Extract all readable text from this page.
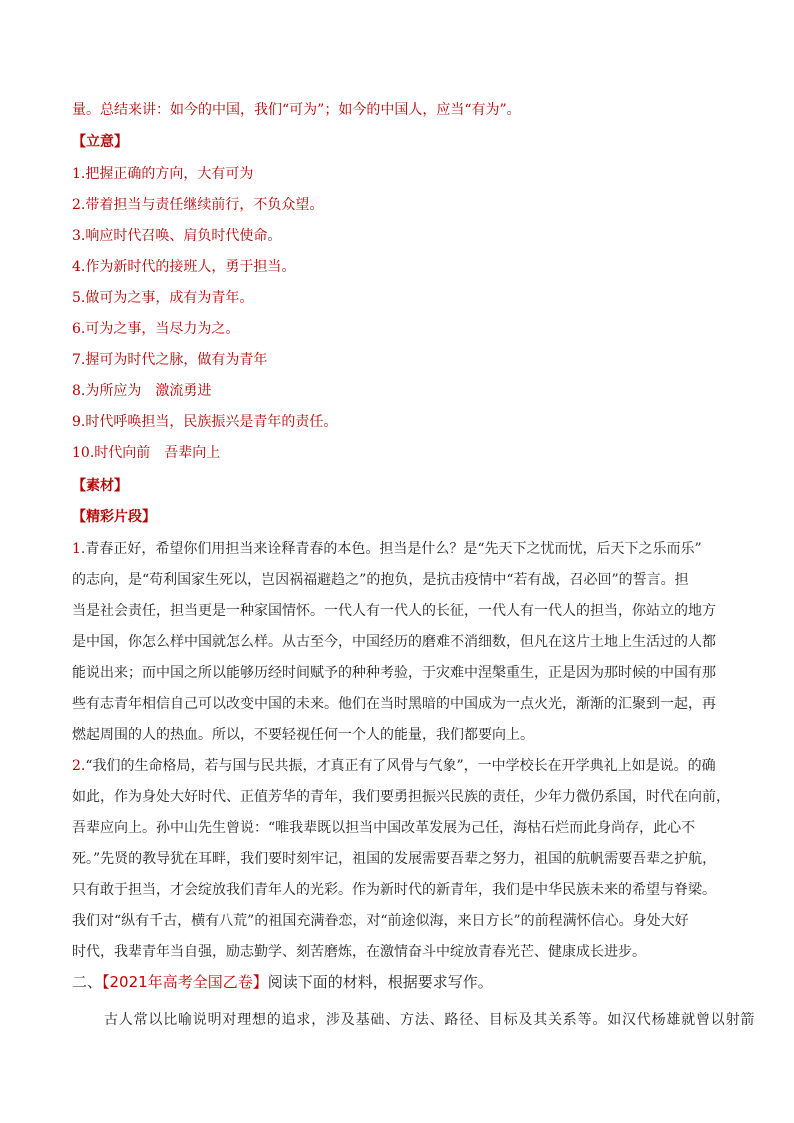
量。总结来讲：如今的中国，我们“可为”；如今的中国人，应当“有为”。
【立意】
1.把握正确的方向，大有可为
2.带着担当与责任继续前行，不负众望。
3.响应时代召唤、肩负时代使命。
4.作为新时代的接班人，勇于担当。
5.做可为之事，成有为青年。
6.可为之事，当尽力为之。
7.握可为时代之脉，做有为青年
8.为所应为　激流勇进
9.时代呼唤担当，民族振兴是青年的责任。
10.时代向前　吾辈向上
【素材】
【精彩片段】
1.青春正好，希望你们用担当来诠释青春的本色。担当是什么？是“先天下之忧而忧，后天下之乐而乐”
的志向，是“苟利国家生死以，岂因祸福避趋之”的抱负，是抗击疫情中“若有战，召必回”的誓言。担
当是社会责任，担当更是一种家国情怀。一代人有一代人的长征，一代人有一代人的担当，你站立的地方
是中国，你怎么样中国就怎么样。从古至今，中国经历的磨难不消细数，但凡在这片土地上生活过的人都
能说出来；而中国之所以能够历经时间赋予的种种考验，于灾难中涅槃重生，正是因为那时候的中国有那
些有志青年相信自己可以改变中国的未来。他们在当时黑暗的中国成为一点火光，渐渐的汇聚到一起，再
燃起周围的人的热血。所以，不要轻视任何一个人的能量，我们都要向上。
2.“我们的生命格局，若与国与民共振，才真正有了风骨与气象”，一中学校长在开学典礼上如是说。的确
如此，作为身处大好时代、正值芳华的青年，我们要勇担振兴民族的责任，少年力微仍系国，时代在向前，
吾辈应向上。孙中山先生曾说：“唯我辈既以担当中国改革发展为己任，海枯石烂而此身尚存，此心不
死。”先贤的教导犹在耳畔，我们要时刻牢记，祖国的发展需要吾辈之努力，祖国的航帆需要吾辈之护航，
只有敢于担当，才会绽放我们青年人的光彩。作为新时代的新青年，我们是中华民族未来的希望与脊梁。
我们对“纵有千古，横有八荒”的祖国充满眷恋，对“前途似海，来日方长”的前程满怀信心。身处大好
时代，我辈青年当自强，励志勤学、刻苦磨炼，在激情奋斗中绽放青春光芒、健康成长进步。
二、【2021年高考全国乙卷】阅读下面的材料，根据要求写作。
古人常以比喻说明对理想的追求，涉及基础、方法、路径、目标及其关系等。如汉代杨雄就曾以射箭
